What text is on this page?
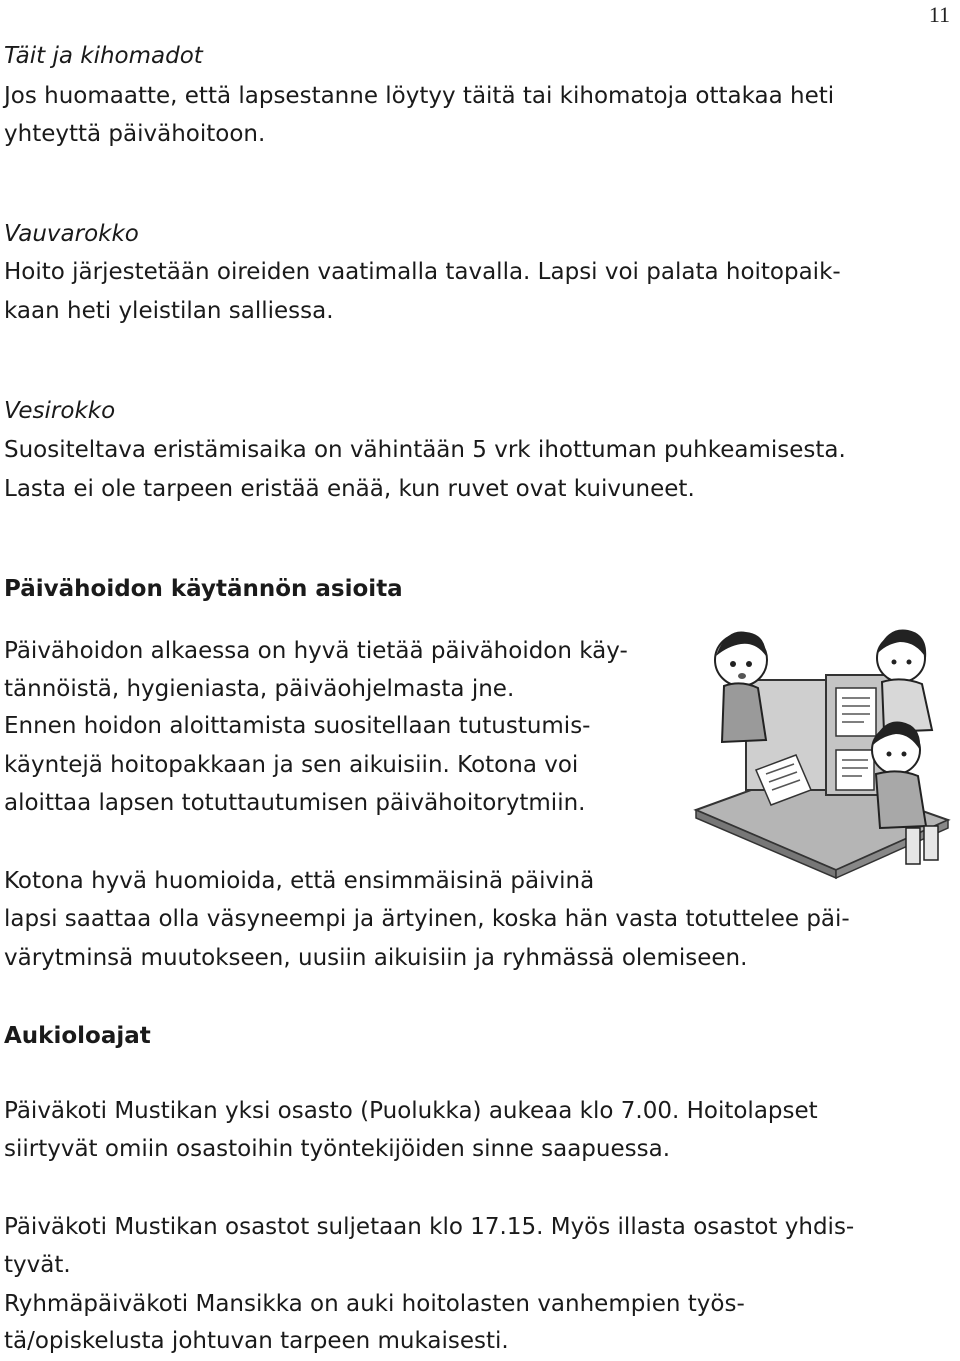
11
Täit ja kihomadot
Jos huomaatte, että lapsestanne löytyy täitä tai kihomatoja ottakaa heti
yhteyttä päivähoitoon.
Vauvarokko
Hoito järjestetään oireiden vaatimalla tavalla. Lapsi voi palata hoitopaik-
kaan heti yleistilan salliessa.
Vesirokko
Suositeltava eristämisaika on vähintään 5 vrk ihottuman puhkeamisesta.
Lasta ei ole tarpeen eristää enää, kun ruvet ovat kuivuneet.
Päivähoidon käytännön asioita
Päivähoidon alkaessa on hyvä tietää päivähoidon käy-
tännöistä, hygieniasta, päiväohjelmasta jne.
Ennen hoidon aloittamista suositellaan tutustumis-
käyntejä hoitopakkaan ja sen aikuisiin. Kotona voi
aloittaa lapsen totuttautumisen päivähoitorytmiin.
Kotona hyvä huomioida, että ensimmäisinä päivinä
lapsi saattaa olla väsyneempi ja ärtyinen, koska hän vasta totuttelee päi-
värytminsä muutokseen, uusiin aikuisiin ja ryhmässä olemiseen.
Aukioloajat
Päiväkoti Mustikan yksi osasto (Puolukka) aukeaa klo 7.00. Hoitolapset
siirtyvät omiin osastoihin työntekijöiden sinne saapuessa.
Päiväkoti Mustikan osastot suljetaan klo 17.15. Myös illasta osastot yhdis-
tyvät.
Ryhmäpäiväkoti Mansikka on auki hoitolasten vanhempien työs-
tä/opiskelusta johtuvan tarpeen mukaisesti.
